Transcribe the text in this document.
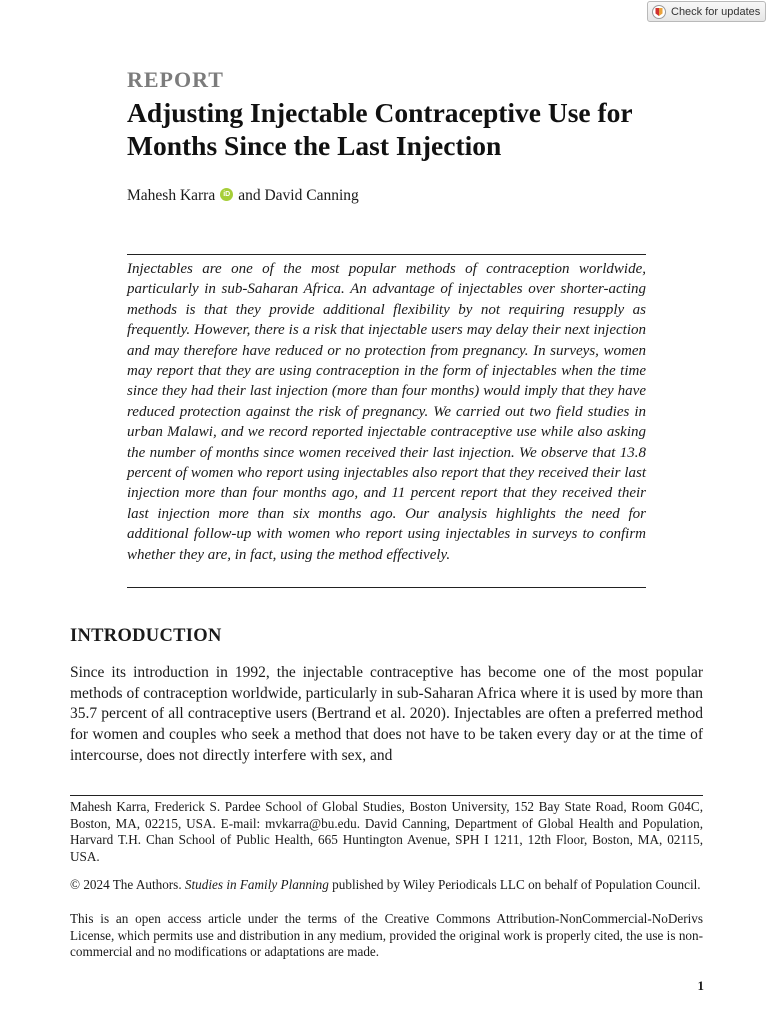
Check for updates
REPORT
Adjusting Injectable Contraceptive Use for Months Since the Last Injection
Mahesh Karra	iD and David Canning

Injectables are one of the most popular methods of contraception worldwide, particularly in sub-Saharan Africa. An advantage of injectables over shorter-acting methods is that they provide additional flexibility by not requiring resupply as frequently. However, there is a risk that injectable users may delay their next injection and may therefore have reduced or no protection from pregnancy. In surveys, women may report that they are using contraception in the form of injectables when the time since they had their last injection (more than four months) would imply that they have reduced protection against the risk of pregnancy. We carried out two field studies in urban Malawi, and we record reported injectable contraceptive use while also asking the number of months since women received their last injection. We observe that 13.8 percent of women who report using injectables also report that they received their last injection more than four months ago, and 11 percent report that they received their last injection more than six months ago. Our analysis highlights the need for additional follow-up with women who report using injectables in surveys to confirm whether they are, in fact, using the method effectively.

INTRODUCTION

Since its introduction in 1992, the injectable contraceptive has become one of the most popular methods of contraception worldwide, particularly in sub-Saharan Africa where it is used by more than 35.7 percent of all contraceptive users (Bertrand et al. 2020). Injectables are often a preferred method for women and couples who seek a method that does not have to be taken every day or at the time of intercourse, does not directly interfere with sex, and

Mahesh Karra, Frederick S. Pardee School of Global Studies, Boston University, 152 Bay State Road, Room G04C, Boston, MA, 02215, USA. E-mail: mvkarra@bu.edu. David Canning, Department of Global Health and Population, Harvard T.H. Chan School of Public Health, 665 Huntington Avenue, SPH I 1211, 12th Floor, Boston, MA, 02115, USA.

© 2024 The Authors. Studies in Family Planning published by Wiley Periodicals LLC on behalf of Population Council.

This is an open access article under the terms of the Creative Commons Attribution-NonCommercial-NoDerivs License, which permits use and distribution in any medium, provided the original work is properly cited, the use is non-commercial and no modifications or adaptations are made.

1
